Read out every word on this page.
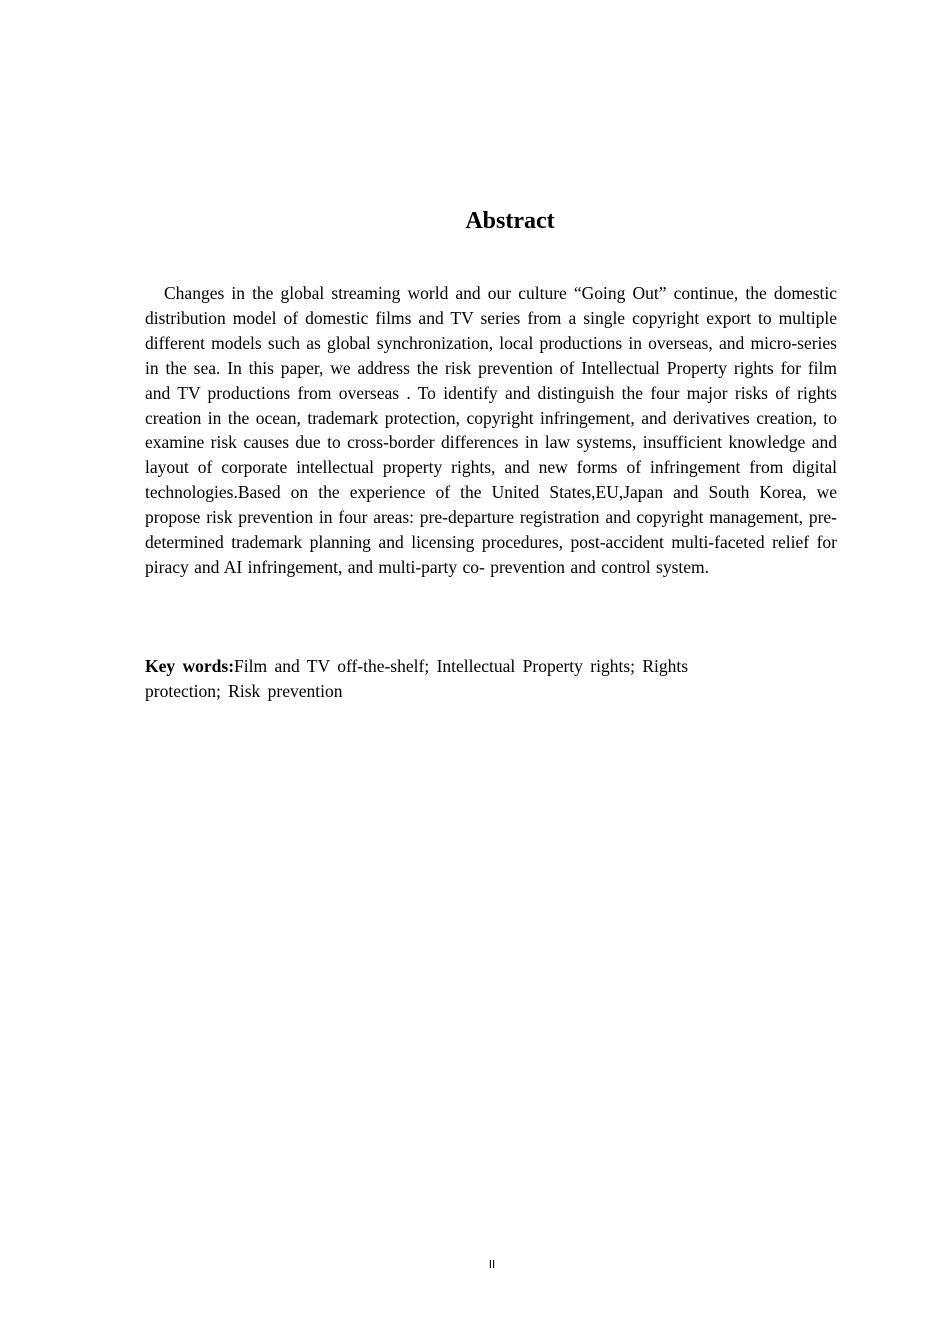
Abstract

Changes in the global streaming world and our culture “Going Out” continue, the domestic distribution model of domestic films and TV series from a single copyright export to multiple different models such as global synchronization, local productions in overseas, and micro-series in the sea. In this paper, we address the risk prevention of Intellectual Property rights for film and TV productions from overseas . To identify and distinguish the four major risks of rights creation in the ocean, trademark protection, copyright infringement, and derivatives creation, to examine risk causes due to cross-border differences in law systems, insufficient knowledge and layout of corporate intellectual property rights, and new forms of infringement from digital technologies.Based on the experience of the United States,EU,Japan and South Korea, we propose risk prevention in four areas: pre-departure registration and copyright management, pre-determined trademark planning and licensing procedures, post-accident multi-faceted relief for piracy and AI infringement, and multi-party co- prevention and control system.

Key words:Film and TV off-the-shelf; Intellectual Property rights; Rights protection; Risk prevention

II
